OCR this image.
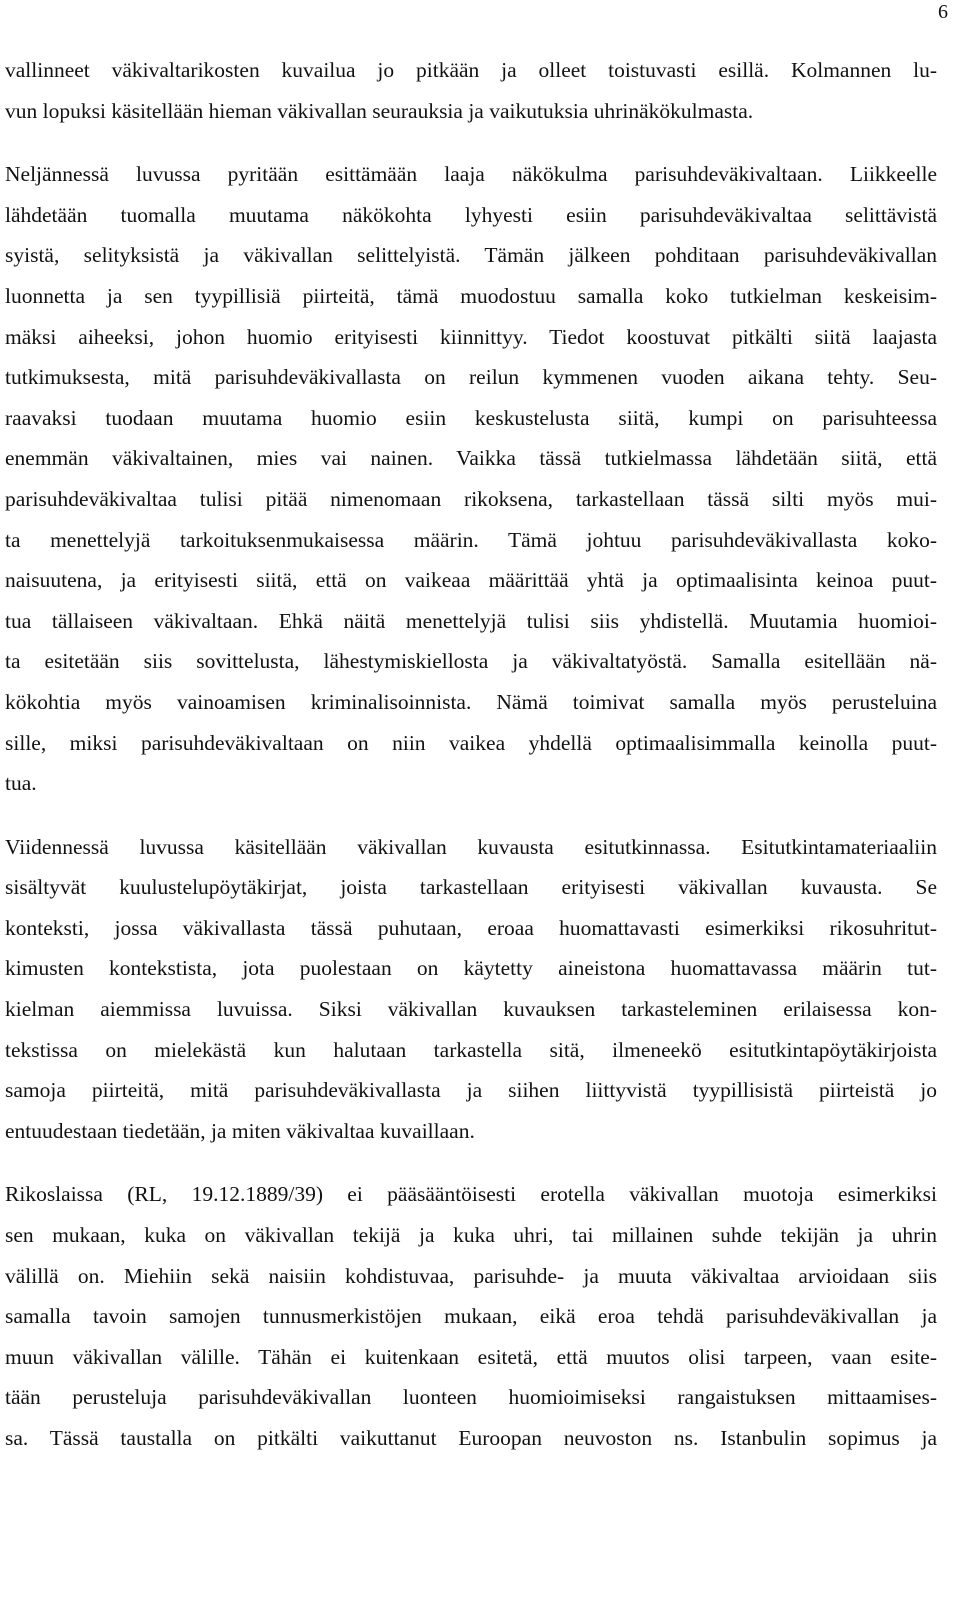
6
vallinneet väkivaltarikosten kuvailua jo pitkään ja olleet toistuvasti esillä. Kolmannen lu-
vun lopuksi käsitellään hieman väkivallan seurauksia ja vaikutuksia uhrinäkökulmasta.
Neljännessä luvussa pyritään esittämään laaja näkökulma parisuhdeväkivaltaan. Liikkeelle
lähdetään tuomalla muutama näkökohta lyhyesti esiin parisuhdeväkivaltaa selittävistä
syistä, selityksistä ja väkivallan selittelyistä. Tämän jälkeen pohditaan parisuhdeväkivallan
luonnetta ja sen tyypillisiä piirteitä, tämä muodostuu samalla koko tutkielman keskeisim-
mäksi aiheeksi, johon huomio erityisesti kiinnittyy. Tiedot koostuvat pitkälti siitä laajasta
tutkimuksesta, mitä parisuhdeväkivallasta on reilun kymmenen vuoden aikana tehty. Seu-
raavaksi tuodaan muutama huomio esiin keskustelusta siitä, kumpi on parisuhteessa
enemmän väkivaltainen, mies vai nainen. Vaikka tässä tutkielmassa lähdetään siitä, että
parisuhdeväkivaltaa tulisi pitää nimenomaan rikoksena, tarkastellaan tässä silti myös mui-
ta menettelyjä tarkoituksenmukaisessa määrin. Tämä johtuu parisuhdeväkivallasta koko-
naisuutena, ja erityisesti siitä, että on vaikeaa määrittää yhtä ja optimaalisinta keinoa puut-
tua tällaiseen väkivaltaan. Ehkä näitä menettelyjä tulisi siis yhdistellä. Muutamia huomioi-
ta esitetään siis sovittelusta, lähestymiskiellosta ja väkivaltatyöstä. Samalla esitellään nä-
kökohtia myös vainoamisen kriminalisoinnista. Nämä toimivat samalla myös perusteluina
sille, miksi parisuhdeväkivaltaan on niin vaikea yhdellä optimaalisimmalla keinolla puut-
tua.
Viidennessä luvussa käsitellään väkivallan kuvausta esitutkinnassa. Esitutkintamateriaaliin
sisältyvät kuulustelupöytäkirjat, joista tarkastellaan erityisesti väkivallan kuvausta. Se
konteksti, jossa väkivallasta tässä puhutaan, eroaa huomattavasti esimerkiksi rikosuhritut-
kimusten kontekstista, jota puolestaan on käytetty aineistona huomattavassa määrin tut-
kielman aiemmissa luvuissa. Siksi väkivallan kuvauksen tarkasteleminen erilaisessa kon-
tekstissa on mielekästä kun halutaan tarkastella sitä, ilmeneekö esitutkintapöytäkirjoista
samoja piirteitä, mitä parisuhdeväkivallasta ja siihen liittyvistä tyypillisistä piirteistä jo
entuudestaan tiedetään, ja miten väkivaltaa kuvaillaan.
Rikoslaissa (RL, 19.12.1889/39) ei pääsääntöisesti erotella väkivallan muotoja esimerkiksi
sen mukaan, kuka on väkivallan tekijä ja kuka uhri, tai millainen suhde tekijän ja uhrin
välillä on. Miehiin sekä naisiin kohdistuvaa, parisuhde- ja muuta väkivaltaa arvioidaan siis
samalla tavoin samojen tunnusmerkistöjen mukaan, eikä eroa tehdä parisuhdeväkivallan ja
muun väkivallan välille. Tähän ei kuitenkaan esitetä, että muutos olisi tarpeen, vaan esite-
tään perusteluja parisuhdeväkivallan luonteen huomioimiseksi rangaistuksen mittaamises-
sa. Tässä taustalla on pitkälti vaikuttanut Euroopan neuvoston ns. Istanbulin sopimus ja
